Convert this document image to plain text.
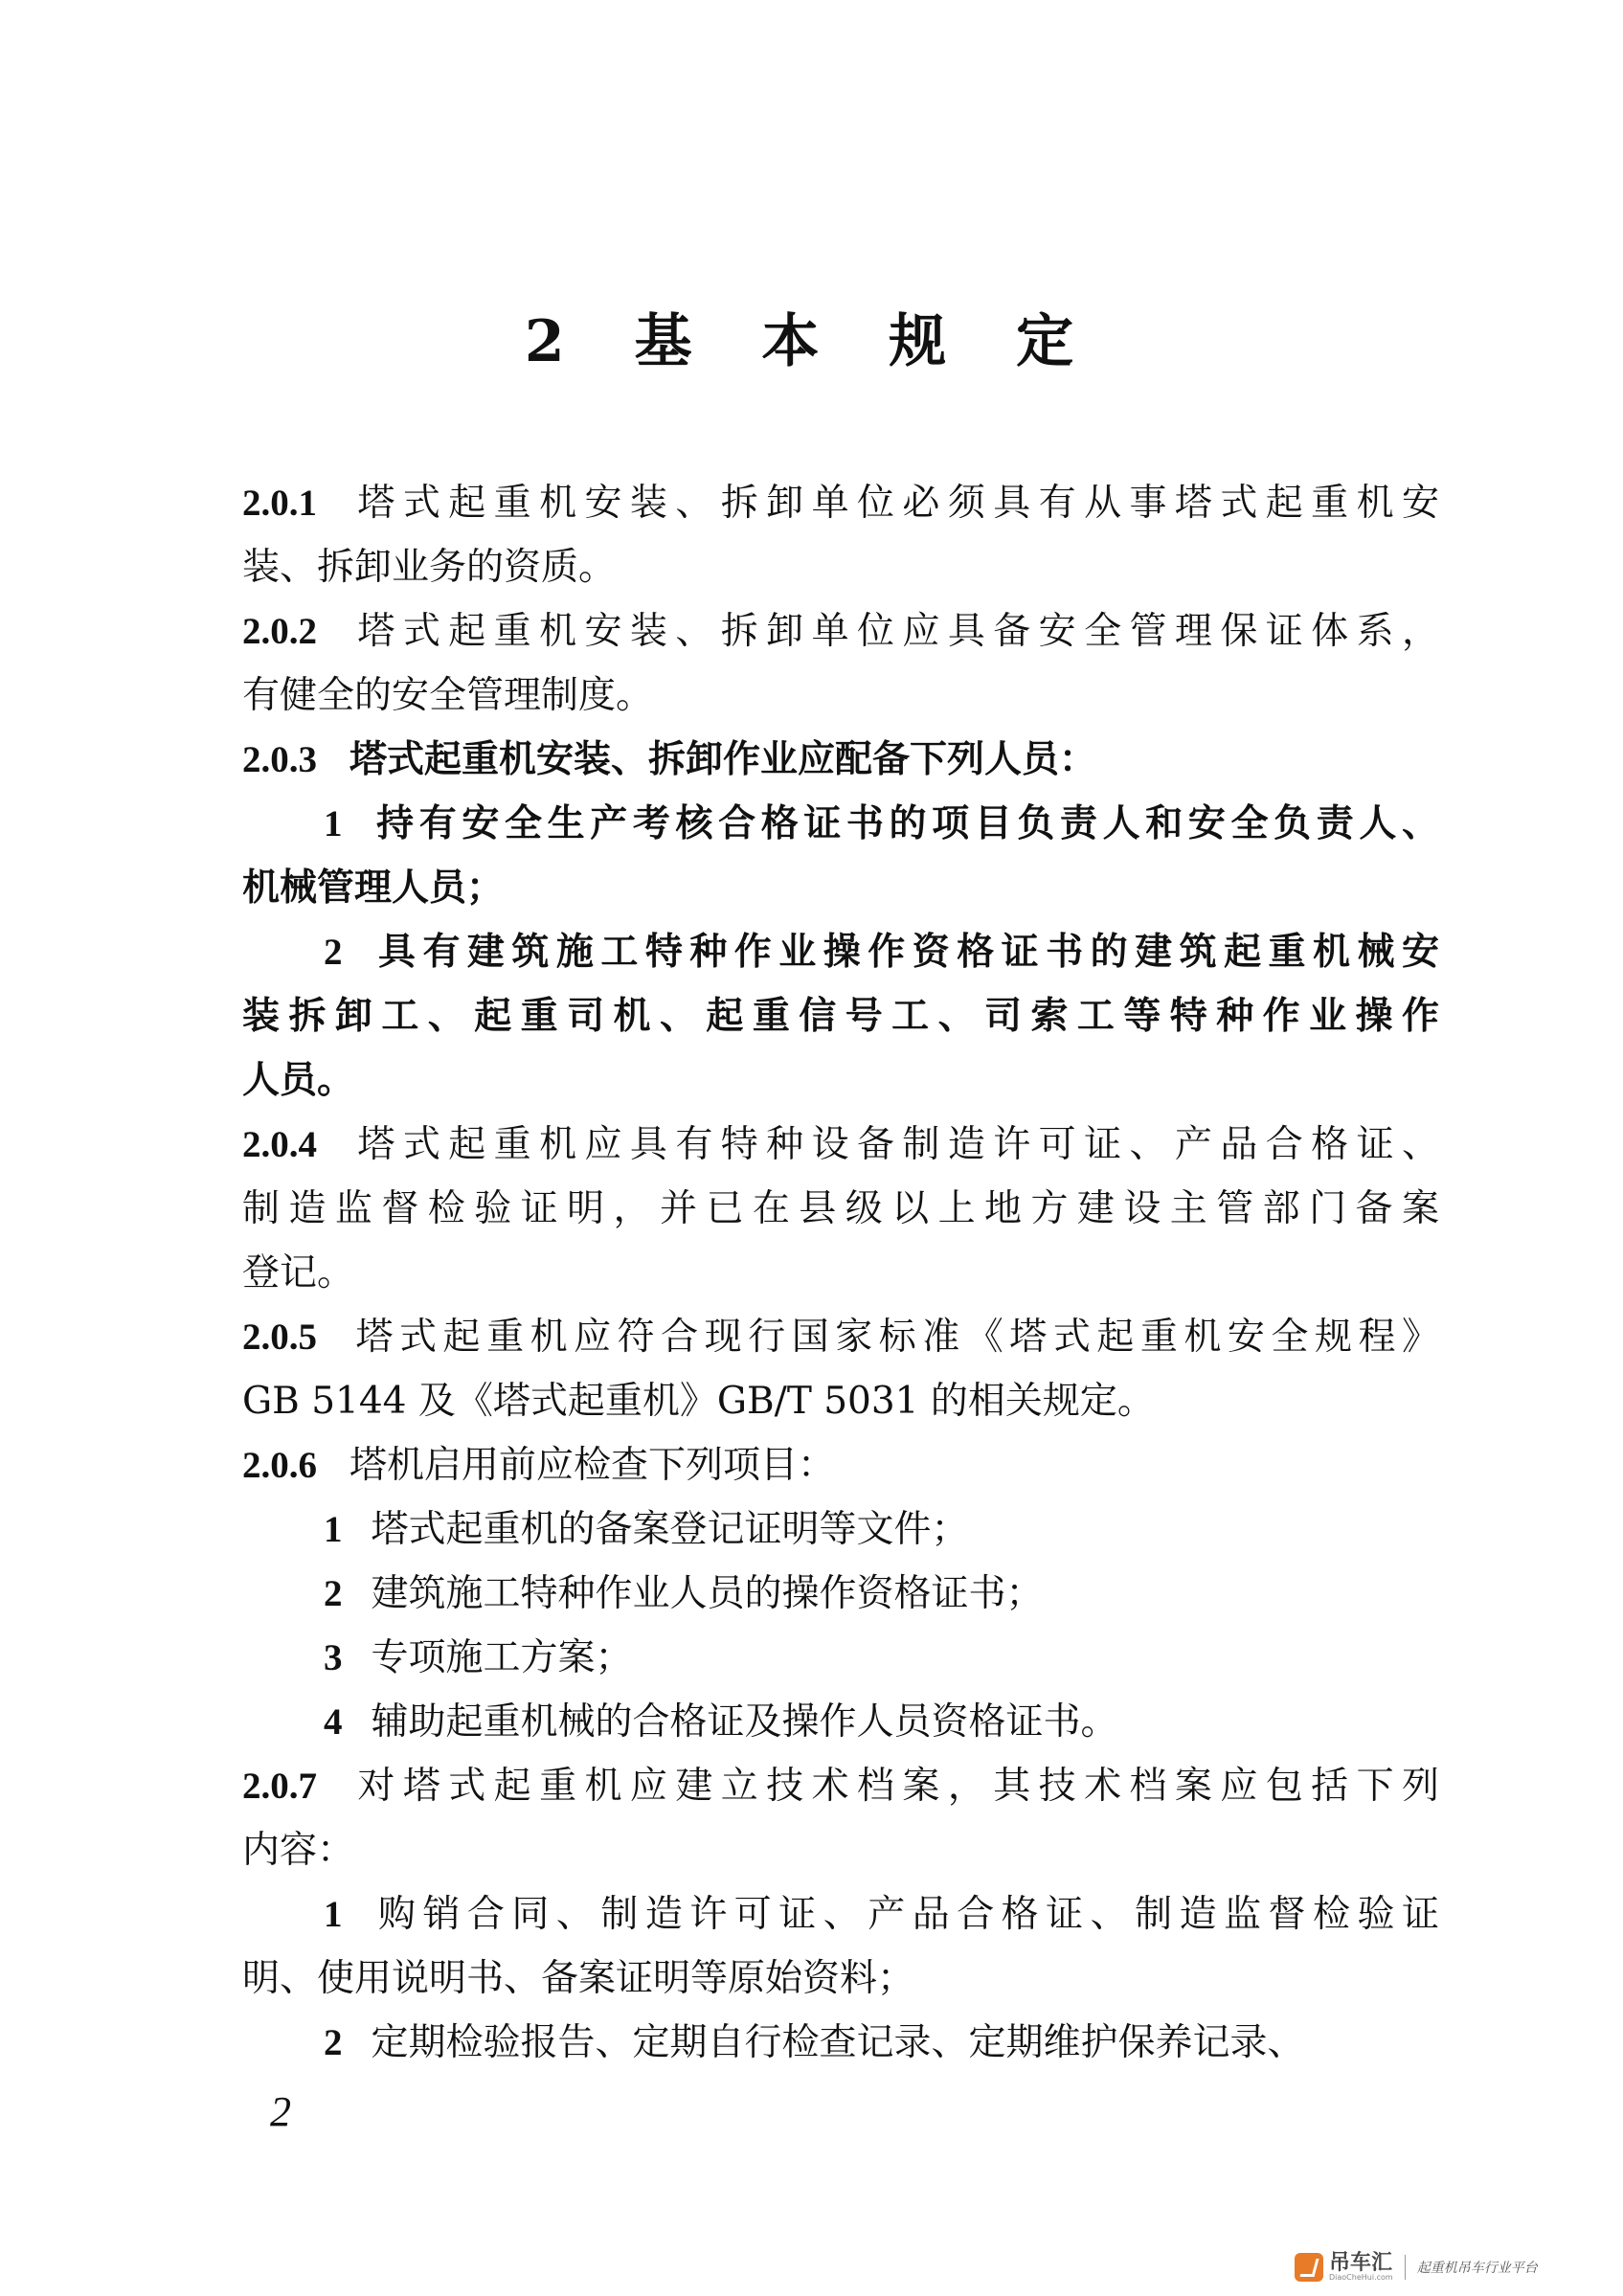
2 基 本 规 定
2.0.1 塔式起重机安装、拆卸单位必须具有从事塔式起重机安
装、拆卸业务的资质。
2.0.2 塔式起重机安装、拆卸单位应具备安全管理保证体系，
有健全的安全管理制度。
2.0.3 塔式起重机安装、拆卸作业应配备下列人员：
1 持有安全生产考核合格证书的项目负责人和安全负责人、
机械管理人员；
2 具有建筑施工特种作业操作资格证书的建筑起重机械安
装拆卸工、起重司机、起重信号工、司索工等特种作业操作
人员。
2.0.4 塔式起重机应具有特种设备制造许可证、产品合格证、
制造监督检验证明，并已在县级以上地方建设主管部门备案
登记。
2.0.5 塔式起重机应符合现行国家标准《塔式起重机安全规程》
GB 5144 及《塔式起重机》GB/T 5031 的相关规定。
2.0.6 塔机启用前应检查下列项目：
1 塔式起重机的备案登记证明等文件；
2 建筑施工特种作业人员的操作资格证书；
3 专项施工方案；
4 辅助起重机械的合格证及操作人员资格证书。
2.0.7 对塔式起重机应建立技术档案，其技术档案应包括下列
内容：
1 购销合同、制造许可证、产品合格证、制造监督检验证
明、使用说明书、备案证明等原始资料；
2 定期检验报告、定期自行检查记录、定期维护保养记录、
2
吊车汇
DiaoCheHui.com
起重机吊车行业平台
